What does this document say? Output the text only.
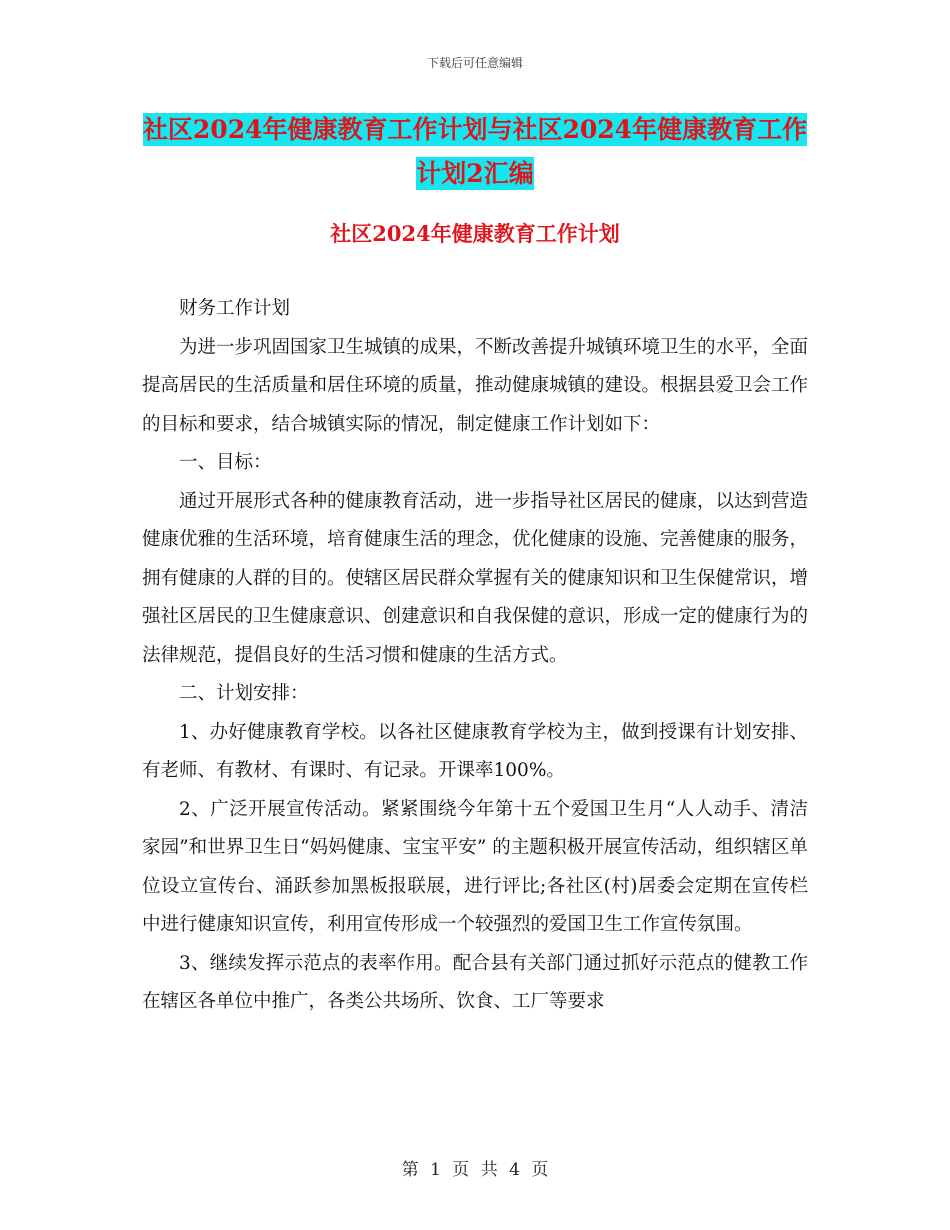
下载后可任意编辑
社区2024年健康教育工作计划与社区2024年健康教育工作计划2汇编
社区2024年健康教育工作计划

财务工作计划

为进一步巩固国家卫生城镇的成果，不断改善提升城镇环境卫生的水平，全面提高居民的生活质量和居住环境的质量，推动健康城镇的建设。根据县爱卫会工作的目标和要求，结合城镇实际的情况，制定健康工作计划如下：

一、目标：

通过开展形式各种的健康教育活动，进一步指导社区居民的健康，以达到营造健康优雅的生活环境，培育健康生活的理念，优化健康的设施、完善健康的服务，拥有健康的人群的目的。使辖区居民群众掌握有关的健康知识和卫生保健常识，增强社区居民的卫生健康意识、创建意识和自我保健的意识，形成一定的健康行为的法律规范，提倡良好的生活习惯和健康的生活方式。

二、计划安排：

1、办好健康教育学校。以各社区健康教育学校为主，做到授课有计划安排、有老师、有教材、有课时、有记录。开课率100%。

2、广泛开展宣传活动。紧紧围绕今年第十五个爱国卫生月“人人动手、清洁家园”和世界卫生日“妈妈健康、宝宝平安” 的主题积极开展宣传活动，组织辖区单位设立宣传台、涌跃参加黑板报联展，进行评比;各社区(村)居委会定期在宣传栏中进行健康知识宣传，利用宣传形成一个较强烈的爱国卫生工作宣传氛围。

3、继续发挥示范点的表率作用。配合县有关部门通过抓好示范点的健教工作在辖区各单位中推广，各类公共场所、饮食、工厂等要求

第 1 页 共 4 页
